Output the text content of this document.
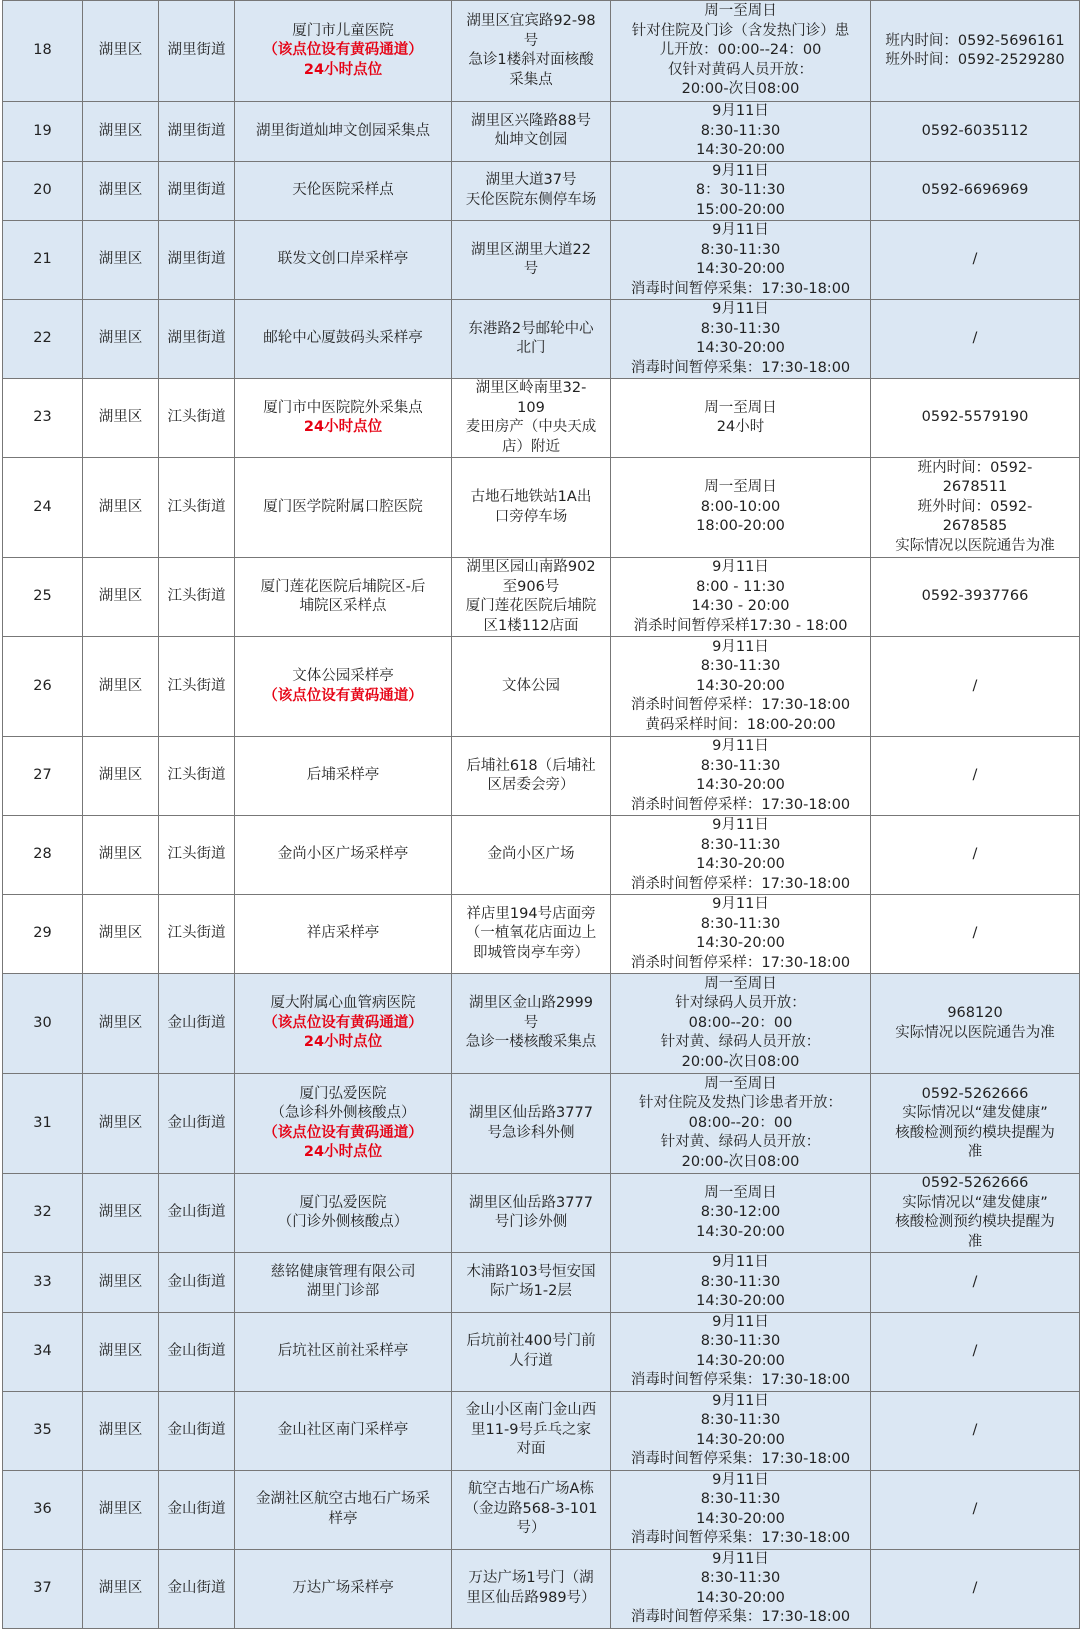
18	湖里区	湖里街道	厦门市儿童医院
（该点位设有黄码通道）
24小时点位	湖里区宜宾路92-98
号
急诊1楼斜对面核酸
采集点	周一至周日
针对住院及门诊（含发热门诊）患
儿开放：00:00--24：00
仅针对黄码人员开放：
20:00-次日08:00	班内时间：0592-5696161
班外时间：0592-2529280

19	湖里区	湖里街道	湖里街道灿坤文创园采集点	湖里区兴隆路88号
灿坤文创园	9月11日
8:30-11:30
14:30-20:00	0592-6035112

20	湖里区	湖里街道	天伦医院采样点	湖里大道37号
天伦医院东侧停车场	9月11日
8：30-11:30
15:00-20:00	0592-6696969

21	湖里区	湖里街道	联发文创口岸采样亭	湖里区湖里大道22
号	9月11日
8:30-11:30
14:30-20:00
消毒时间暂停采集：17:30-18:00	/

22	湖里区	湖里街道	邮轮中心厦鼓码头采样亭	东港路2号邮轮中心
北门	9月11日
8:30-11:30
14:30-20:00
消毒时间暂停采集：17:30-18:00	/

23	湖里区	江头街道	厦门市中医院院外采集点
24小时点位	湖里区岭南里32-
109
麦田房产（中央天成
店）附近	周一至周日
24小时	0592-5579190

24	湖里区	江头街道	厦门医学院附属口腔医院	古地石地铁站1A出
口旁停车场	周一至周日
8:00-10:00
18:00-20:00	班内时间：0592-
2678511
班外时间：0592-
2678585
实际情况以医院通告为准

25	湖里区	江头街道	厦门莲花医院后埔院区-后
埔院区采样点	湖里区园山南路902
至906号
厦门莲花医院后埔院
区1楼112店面	9月11日
8:00 - 11:30
14:30 - 20:00
消杀时间暂停采样17:30 - 18:00	0592-3937766

26	湖里区	江头街道	文体公园采样亭
（该点位设有黄码通道）	文体公园	9月11日
8:30-11:30
14:30-20:00
消杀时间暂停采样：17:30-18:00
黄码采样时间：18:00-20:00	/

27	湖里区	江头街道	后埔采样亭	后埔社618（后埔社
区居委会旁）	9月11日
8:30-11:30
14:30-20:00
消杀时间暂停采样：17:30-18:00	/

28	湖里区	江头街道	金尚小区广场采样亭	金尚小区广场	9月11日
8:30-11:30
14:30-20:00
消杀时间暂停采样：17:30-18:00	/

29	湖里区	江头街道	祥店采样亭	祥店里194号店面旁
（一植氧花店面边上
即城管岗亭车旁）	9月11日
8:30-11:30
14:30-20:00
消杀时间暂停采样：17:30-18:00	/

30	湖里区	金山街道	厦大附属心血管病医院
（该点位设有黄码通道）
24小时点位	湖里区金山路2999
号
急诊一楼核酸采集点	周一至周日
针对绿码人员开放：
08:00--20：00
针对黄、绿码人员开放：
20:00-次日08:00	968120
实际情况以医院通告为准

31	湖里区	金山街道	厦门弘爱医院
（急诊科外侧核酸点）
（该点位设有黄码通道）
24小时点位	湖里区仙岳路3777
号急诊科外侧	周一至周日
针对住院及发热门诊患者开放：
08:00--20：00
针对黄、绿码人员开放：
20:00-次日08:00	0592-5262666
实际情况以“建发健康”
核酸检测预约模块提醒为
准

32	湖里区	金山街道	厦门弘爱医院
（门诊外侧核酸点）	湖里区仙岳路3777
号门诊外侧	周一至周日
8:30-12:00
14:30-20:00	0592-5262666
实际情况以“建发健康”
核酸检测预约模块提醒为
准

33	湖里区	金山街道	慈铭健康管理有限公司
湖里门诊部	木浦路103号恒安国
际广场1-2层	9月11日
8:30-11:30
14:30-20:00	/

34	湖里区	金山街道	后坑社区前社采样亭	后坑前社400号门前
人行道	9月11日
8:30-11:30
14:30-20:00
消毒时间暂停采集：17:30-18:00	/

35	湖里区	金山街道	金山社区南门采样亭	金山小区南门金山西
里11-9号乒乓之家
对面	9月11日
8:30-11:30
14:30-20:00
消毒时间暂停采集：17:30-18:00	/

36	湖里区	金山街道	金湖社区航空古地石广场采
样亭	航空古地石广场A栋
（金边路568-3-101
号）	9月11日
8:30-11:30
14:30-20:00
消毒时间暂停采集：17:30-18:00	/

37	湖里区	金山街道	万达广场采样亭	万达广场1号门（湖
里区仙岳路989号）	9月11日
8:30-11:30
14:30-20:00
消毒时间暂停采集：17:30-18:00	/
